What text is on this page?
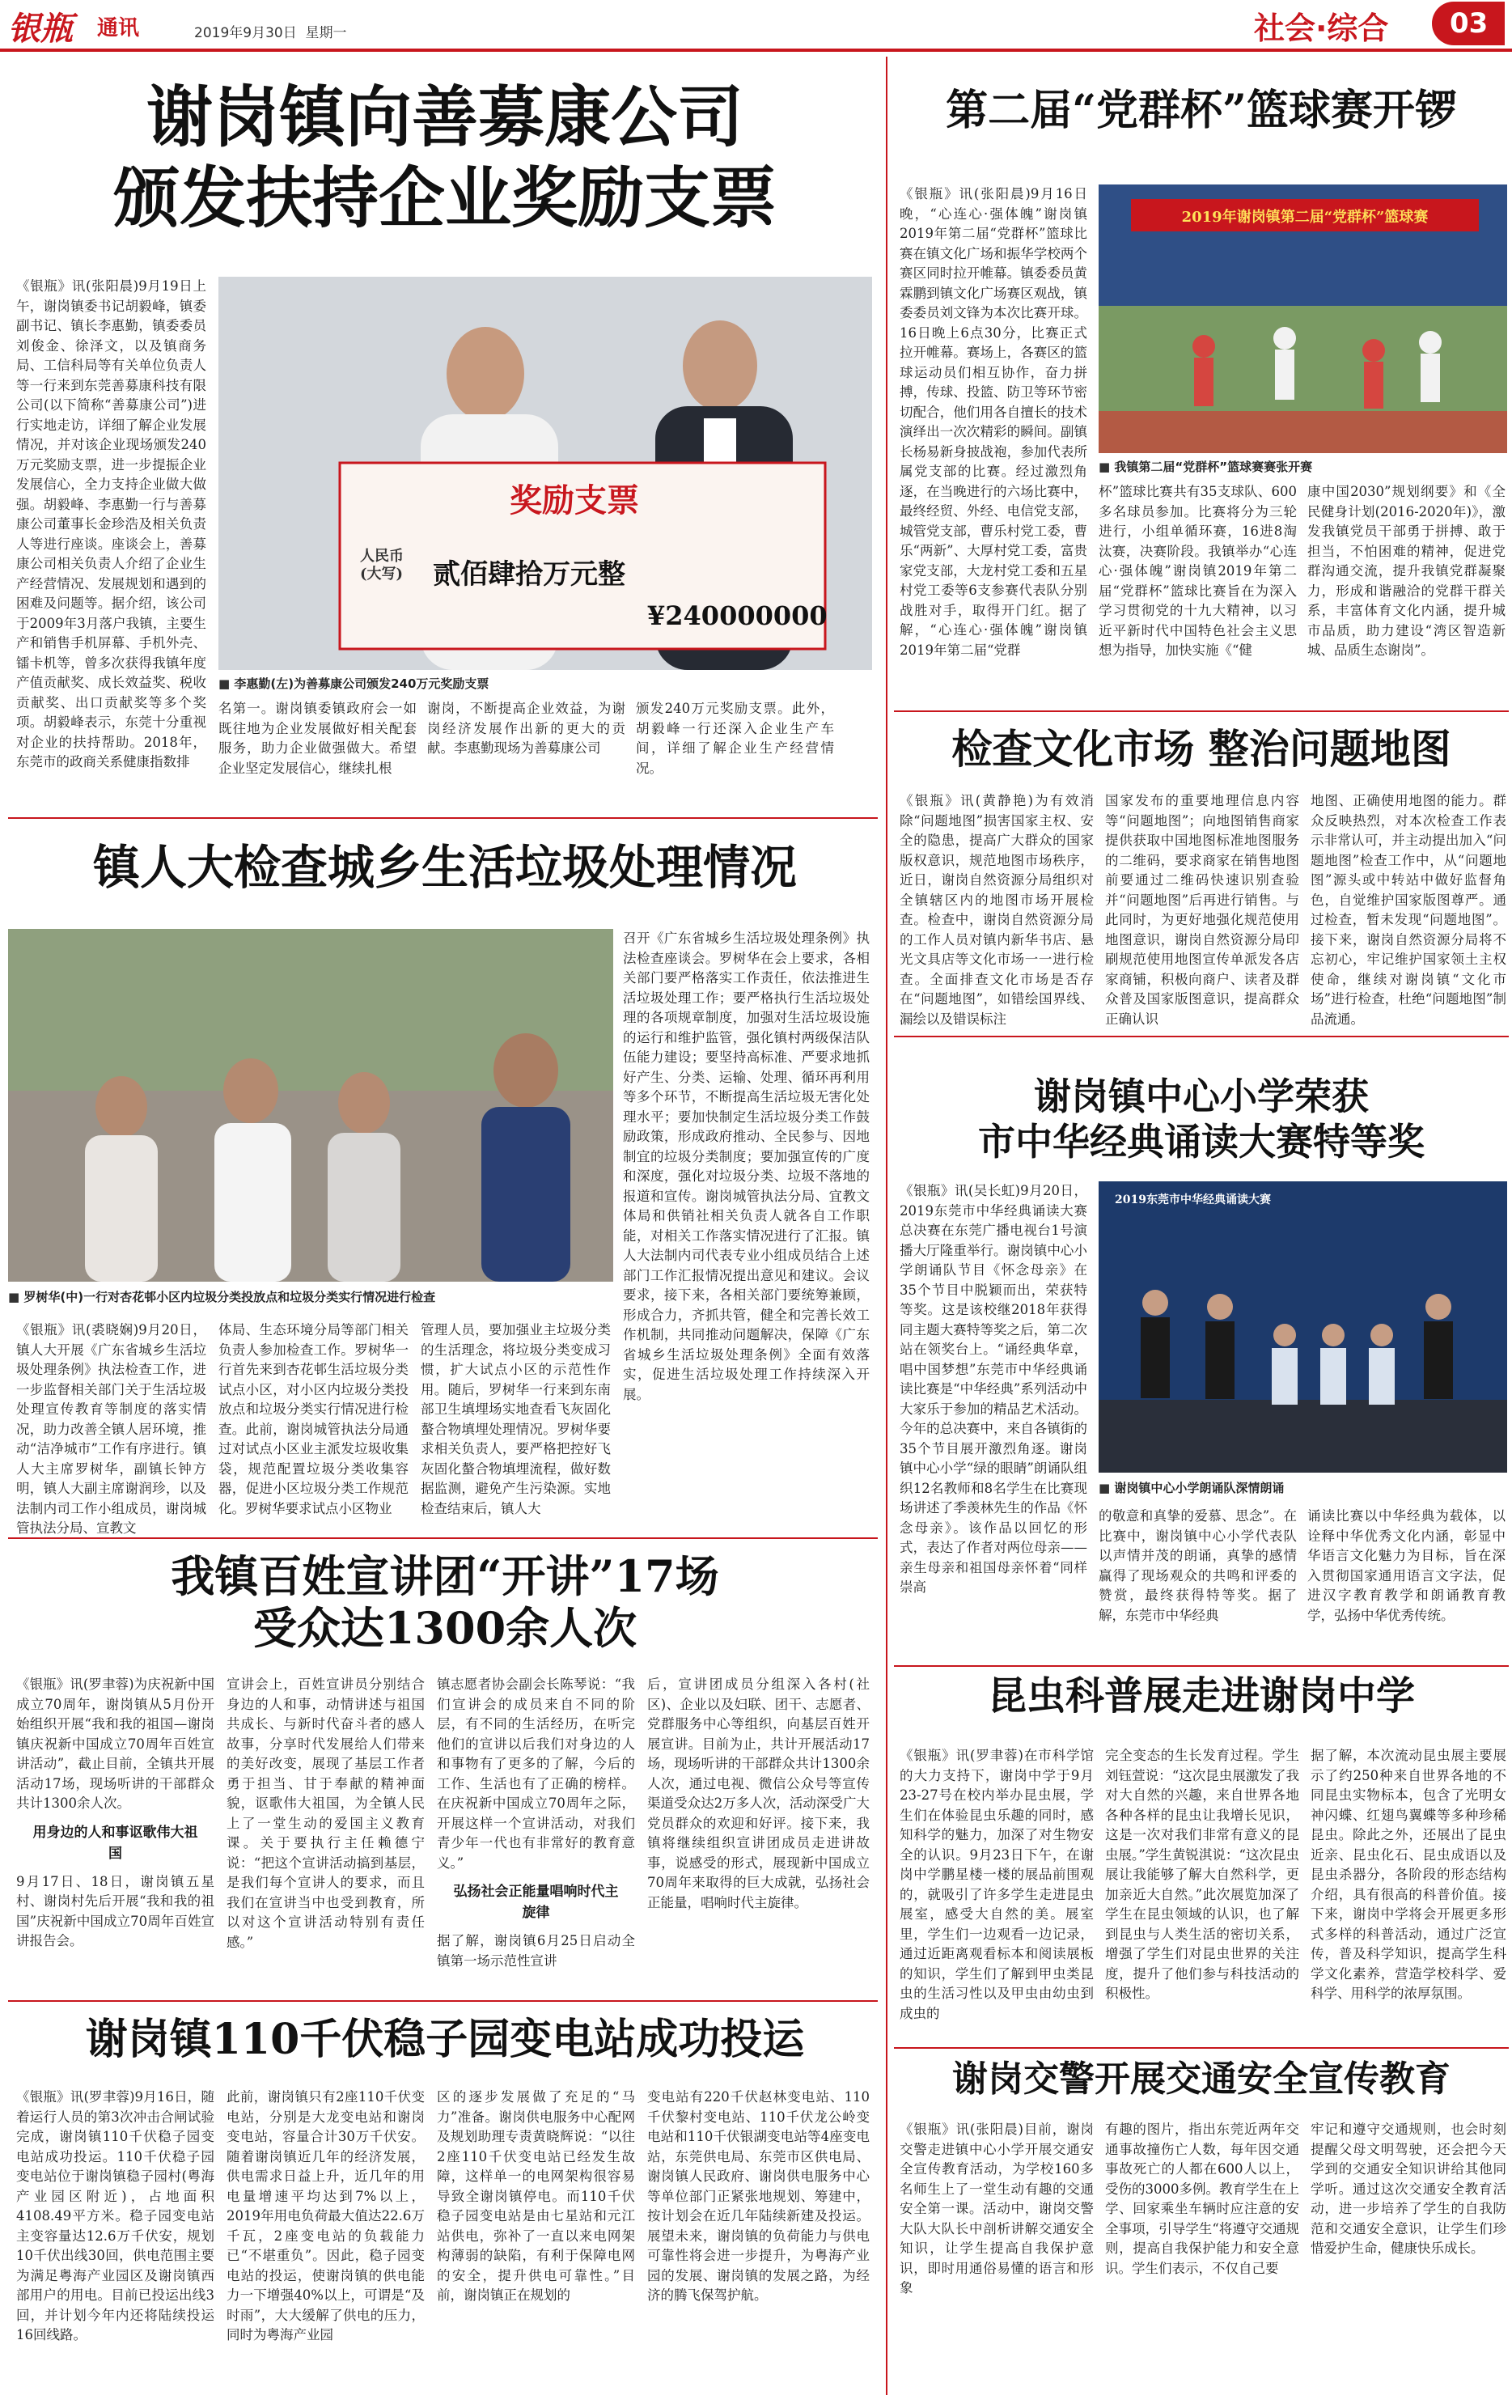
银瓶 通讯	2019年9月30日 星期一	社会·综合 03
谢岗镇向善募康公司
颁发扶持企业奖励支票
《银瓶》讯(张阳晨)9月19日上午，谢岗镇委书记胡毅峰，镇委副书记、镇长李惠勤，镇委委员刘俊金、徐泽文，以及镇商务局、工信科局等有关单位负责人等一行来到东莞善募康科技有限公司(以下简称“善募康公司”)进行实地走访，详细了解企业发展情况，并对该企业现场颁发240万元奖励支票，进一步提振企业发展信心，全力支持企业做大做强。胡毅峰、李惠勤一行与善募康公司董事长金珍浩及相关负责人等进行座谈。座谈会上，善募康公司相关负责人介绍了企业生产经营情况、发展规划和遇到的困难及问题等。据介绍，该公司于2009年3月落户我镇，主要生产和销售手机屏幕、手机外壳、镭卡机等，曾多次获得我镇年度产值贡献奖、成长效益奖、税收贡献奖、出口贡献奖等多个奖项。胡毅峰表示，东莞十分重视对企业的扶持帮助。2018年，东莞市的政商关系健康指数排
奖励支票
人民币(大写)	贰佰肆拾万元整
¥240000000
■ 李惠勤(左)为善募康公司颁发240万元奖励支票
名第一。谢岗镇委镇政府会一如既往地为企业发展做好相关配套服务，助力企业做强做大。希望企业坚定发展信心，继续扎根
谢岗，不断提高企业效益，为谢岗经济发展作出新的更大的贡献。李惠勤现场为善募康公司
颁发240万元奖励支票。此外，胡毅峰一行还深入企业生产车间，详细了解企业生产经营情况。
镇人大检查城乡生活垃圾处理情况
■ 罗树华(中)一行对杏花邨小区内垃圾分类投放点和垃圾分类实行情况进行检查
召开《广东省城乡生活垃圾处理条例》执法检查座谈会。罗树华在会上要求，各相关部门要严格落实工作责任，依法推进生活垃圾处理工作；要严格执行生活垃圾处理的各项规章制度，加强对生活垃圾设施的运行和维护监管，强化镇村两级保洁队伍能力建设；要坚持高标准、严要求地抓好产生、分类、运输、处理、循环再利用等多个环节，不断提高生活垃圾无害化处理水平；要加快制定生活垃圾分类工作鼓励政策，形成政府推动、全民参与、因地制宜的垃圾分类制度；要加强宣传的广度和深度，强化对垃圾分类、垃圾不落地的报道和宣传。谢岗城管执法分局、宜教文体局和供销社相关负责人就各自工作职能，对相关工作落实情况进行了汇报。镇人大法制内司代表专业小组成员结合上述部门工作汇报情况提出意见和建议。会议要求，接下来，各相关部门要统筹兼顾，形成合力，齐抓共管，健全和完善长效工作机制，共同推动问题解决，保障《广东省城乡生活垃圾处理条例》全面有效落实，促进生活垃圾处理工作持续深入开展。
《银瓶》讯(裘晓娴)9月20日，镇人大开展《广东省城乡生活垃圾处理条例》执法检查工作，进一步监督相关部门关于生活垃圾处理宣传教育等制度的落实情况，助力改善全镇人居环境，推动“洁净城市”工作有序进行。镇人大主席罗树华，副镇长钟方明，镇人大副主席谢润珍，以及法制内司工作小组成员，谢岗城管执法分局、宣教文
体局、生态环境分局等部门相关负责人参加检查工作。罗树华一行首先来到杏花邨生活垃圾分类试点小区，对小区内垃圾分类投放点和垃圾分类实行情况进行检查。此前，谢岗城管执法分局通过对试点小区业主派发垃圾收集袋，规范配置垃圾分类收集容器，促进小区垃圾分类工作规范化。罗树华要求试点小区物业
管理人员，要加强业主垃圾分类的生活理念，将垃圾分类变成习惯，扩大试点小区的示范性作用。随后，罗树华一行来到东南部卫生填埋场实地查看飞灰固化螯合物填埋处理情况。罗树华要求相关负责人，要严格把控好飞灰固化螯合物填埋流程，做好数据监测，避免产生污染源。实地检查结束后，镇人大
我镇百姓宣讲团“开讲”17场
受众达1300余人次
《银瓶》讯(罗聿蓉)为庆祝新中国成立70周年，谢岗镇从5月份开始组织开展“我和我的祖国—谢岗镇庆祝新中国成立70周年百姓宣讲活动”，截止目前，全镇共开展活动17场，现场听讲的干部群众共计1300余人次。
用身边的人和事讴歌伟大祖国
9月17日、18日，谢岗镇五星村、谢岗村先后开展“我和我的祖国”庆祝新中国成立70周年百姓宣讲报告会。
宣讲会上，百姓宣讲员分别结合身边的人和事，动情讲述与祖国共成长、与新时代奋斗者的感人故事，分享时代发展给人们带来的美好改变，展现了基层工作者勇于担当、甘于奉献的精神面貌，讴歌伟大祖国，为全镇人民上了一堂生动的爱国主义教育课。关于要执行主任赖德宁说：“把这个宣讲活动搞到基层，是我们每个宣讲人的要求，而且我们在宣讲当中也受到教育，所以对这个宣讲活动特别有责任感。”
镇志愿者协会副会长陈琴说：“我们宣讲会的成员来自不同的阶层，有不同的生活经历，在听完他们的宣讲以后我们对身边的人和事物有了更多的了解，今后的工作、生活也有了正确的榜样。在庆祝新中国成立70周年之际，开展这样一个宣讲活动，对我们青少年一代也有非常好的教育意义。”
弘扬社会正能量唱响时代主旋律
据了解，谢岗镇6月25日启动全镇第一场示范性宣讲
后，宣讲团成员分组深入各村(社区)、企业以及妇联、团干、志愿者、党群服务中心等组织，向基层百姓开展宣讲。目前为止，共计开展活动17场，现场听讲的干部群众共计1300余人次，通过电视、微信公众号等宣传渠道受众达2万多人次，活动深受广大党员群众的欢迎和好评。接下来，我镇将继续组织宣讲团成员走进讲故事，说感受的形式，展现新中国成立70周年来取得的巨大成就，弘扬社会正能量，唱响时代主旋律。
谢岗镇110千伏稳子园变电站成功投运
《银瓶》讯(罗聿蓉)9月16日，随着运行人员的第3次冲击合闸试验完成，谢岗镇110千伏稳子园变电站成功投运。110千伏稳子园变电站位于谢岗镇稳子园村(粤海产业园区附近)，占地面积4108.49平方米。稳子园变电站主变容量达12.6万千伏安，规划10千伏出线30回，供电范围主要为满足粤海产业园区及谢岗镇西部用户的用电。目前已投运出线3回，并计划今年内还将陆续投运16回线路。
此前，谢岗镇只有2座110千伏变电站，分别是大龙变电站和谢岗变电站，容量合计30万千伏安。随着谢岗镇近几年的经济发展，供电需求日益上升，近几年的用电量增速平均达到7%以上，2019年用电负荷最大值达22.6万千瓦，2座变电站的负载能力已“不堪重负”。因此，稳子园变电站的投运，使谢岗镇的供电能力一下增强40%以上，可谓是“及时雨”，大大缓解了供电的压力，同时为粤海产业园
区的逐步发展做了充足的“马力”准备。谢岗供电服务中心配网及规划助理专责黄晓辉说：“以往2座110千伏变电站已经发生故障，这样单一的电网架构很容易导致全谢岗镇停电。而110千伏稳子园变电站是由七星站和元江站供电，弥补了一直以来电网架构薄弱的缺陷，有利于保障电网的安全，提升供电可靠性。”目前，谢岗镇正在规划的
变电站有220千伏赵林变电站、110千伏黎村变电站、110千伏龙公岭变电站和110千伏银湖变电站等4座变电站，东莞供电局、东莞市区供电局、谢岗镇人民政府、谢岗供电服务中心等单位部门正紧张地规划、筹建中，按计划会在近几年陆续新建及投运。展望未来，谢岗镇的负荷能力与供电可靠性将会进一步提升，为粤海产业园的发展、谢岗镇的发展之路，为经济的腾飞保驾护航。
第二届“党群杯”篮球赛开锣
《银瓶》讯(张阳晨)9月16日晚，“心连心·强体魄”谢岗镇2019年第二届“党群杯”篮球比赛在镇文化广场和振华学校两个赛区同时拉开帷幕。镇委委员黄霖鹏到镇文化广场赛区观战，镇委委员刘文锋为本次比赛开球。16日晚上6点30分，比赛正式拉开帷幕。赛场上，各赛区的篮球运动员们相互协作，奋力拼搏，传球、投篮、防卫等环节密切配合，他们用各自擅长的技术演绎出一次次精彩的瞬间。副镇长杨易新身披战袍，参加代表所属党支部的比赛。经过激烈角逐，在当晚进行的六场比赛中，最终经贸、外经、电信党支部，城管党支部，曹乐村党工委，曹乐“两新”、大厚村党工委，富贵家党支部，大龙村党工委和五星村党工委等6支参赛代表队分别战胜对手，取得开门红。据了解，“心连心·强体魄”谢岗镇2019年第二届“党群
2019年谢岗镇第二届“党群杯”篮球赛
■ 我镇第二届“党群杯”篮球赛赛张开赛
杯”篮球比赛共有35支球队、600多名球员参加。比赛将分为三轮进行，小组单循环赛，16进8淘汰赛，决赛阶段。我镇举办“心连心·强体魄”谢岗镇2019年第二届“党群杯”篮球比赛旨在为深入学习贯彻党的十九大精神，以习近平新时代中国特色社会主义思想为指导，加快实施《“健
康中国2030”规划纲要》和《全民健身计划(2016-2020年)》，激发我镇党员干部勇于拼搏、敢于担当，不怕困难的精神，促进党群沟通交流，提升我镇党群凝聚力，形成和谐融洽的党群干群关系，丰富体育文化内涵，提升城市品质，助力建设“湾区智造新城、品质生态谢岗”。
检查文化市场 整治问题地图
《银瓶》讯(黄静艳)为有效消除“问题地图”损害国家主权、安全的隐患，提高广大群众的国家版权意识，规范地图市场秩序，近日，谢岗自然资源分局组织对全镇辖区内的地图市场开展检查。检查中，谢岗自然资源分局的工作人员对镇内新华书店、悬光文具店等文化市场一一进行检查。全面排查文化市场是否存在“问题地图”，如错绘国界线、漏绘以及错误标注
国家发布的重要地理信息内容等“问题地图”；向地图销售商家提供获取中国地图标准地图服务的二维码，要求商家在销售地图前要通过二维码快速识别查验并“问题地图”后再进行销售。与此同时，为更好地强化规范使用地图意识，谢岗自然资源分局印刷规范使用地图宣传单派发各店家商铺，积极向商户、读者及群众普及国家版图意识，提高群众正确认识
地图、正确使用地图的能力。群众反映热烈，对本次检查工作表示非常认可，并主动提出加入“问题地图”检查工作中，从“问题地图”源头或中转站中做好监督角色，自觉维护国家版图尊严。通过检查，暂未发现“问题地图”。接下来，谢岗自然资源分局将不忘初心，牢记维护国家领土主权使命，继续对谢岗镇“文化市场”进行检查，杜绝“问题地图”制品流通。
谢岗镇中心小学荣获
市中华经典诵读大赛特等奖
《银瓶》讯(吴长虹)9月20日，2019东莞市中华经典诵读大赛总决赛在东莞广播电视台1号演播大厅隆重举行。谢岗镇中心小学朗诵队节目《怀念母亲》在35个节目中脱颖而出，荣获特等奖。这是该校继2018年获得同主题大赛特等奖之后，第二次站在领奖台上。“诵经典华章，唱中国梦想”东莞市中华经典诵读比赛是“中华经典”系列活动中大家乐于参加的精品艺术活动。今年的总决赛中，来自各镇街的35个节目展开激烈角逐。谢岗镇中心小学“绿的眼睛”朗诵队组织12名教师和8名学生在比赛现场讲述了季羡林先生的作品《怀念母亲》。该作品以回忆的形式，表达了作者对两位母亲——亲生母亲和祖国母亲怀着“同样崇高
2019东莞市中华经典诵读大赛
■ 谢岗镇中心小学朗诵队深情朗诵
的敬意和真挚的爱慕、思念”。在比赛中，谢岗镇中心小学代表队以声情并茂的朗诵，真挚的感情赢得了现场观众的共鸣和评委的赞赏，最终获得特等奖。据了解，东莞市中华经典
诵读比赛以中华经典为载体，以诠释中华优秀文化内涵，彰显中华语言文化魅力为目标，旨在深入贯彻国家通用语言文字法，促进汉字教育教学和朗诵教育教学，弘扬中华优秀传统。
昆虫科普展走进谢岗中学
《银瓶》讯(罗聿蓉)在市科学馆的大力支持下，谢岗中学于9月23-27号在校内举办昆虫展，学生们在体验昆虫乐趣的同时，感知科学的魅力，加深了对生物安全的认识。9月23日下午，在谢岗中学鹏星楼一楼的展品前围观的，就吸引了许多学生走进昆虫展室，感受大自然的美。展室里，学生们一边观看一边记录，通过近距离观看标本和阅读展板的知识，学生们了解到甲虫类昆虫的生活习性以及甲虫由幼虫到成虫的
完全变态的生长发育过程。学生刘钰萱说：“这次昆虫展激发了我对大自然的兴趣，来自世界各地各种各样的昆虫让我增长见识，这是一次对我们非常有意义的昆虫展。”学生黄锐淇说：“这次昆虫展让我能够了解大自然科学，更加亲近大自然。”此次展览加深了学生在昆虫领域的认识，也了解到昆虫与人类生活的密切关系，增强了学生们对昆虫世界的关注度，提升了他们参与科技活动的积极性。
据了解，本次流动昆虫展主要展示了约250种来自世界各地的不同昆虫实物标本，包含了光明女神闪蝶、红翅鸟翼蝶等多种珍稀昆虫。除此之外，还展出了昆虫近亲、昆虫化石、昆虫成语以及昆虫杀器分，各阶段的形态结构介绍，具有很高的科普价值。接下来，谢岗中学将会开展更多形式多样的科普活动，通过广泛宣传，普及科学知识，提高学生科学文化素养，营造学校科学、爱科学、用科学的浓厚氛围。
谢岗交警开展交通安全宣传教育
《银瓶》讯(张阳晨)目前，谢岗交警走进镇中心小学开展交通安全宣传教育活动，为学校160多名师生上了一堂生动有趣的交通安全第一课。活动中，谢岗交警大队大队长中剖析讲解交通安全知识，让学生提高自我保护意识，即时用通俗易懂的语言和形象
有趣的图片，指出东莞近两年交通事故撞伤亡人数，每年因交通事故死亡的人都在600人以上，受伤的3000多例。教育学生在上学、回家乘坐车辆时应注意的安全事项，引导学生“将遵守交通规则，提高自我保护能力和安全意识。学生们表示，不仅自己要
牢记和遵守交通规则，也会时刻提醒父母文明驾驶，还会把今天学到的交通安全知识讲给其他同学听。通过这次交通安全教育活动，进一步培养了学生的自我防范和交通安全意识，让学生们珍惜爱护生命，健康快乐成长。
